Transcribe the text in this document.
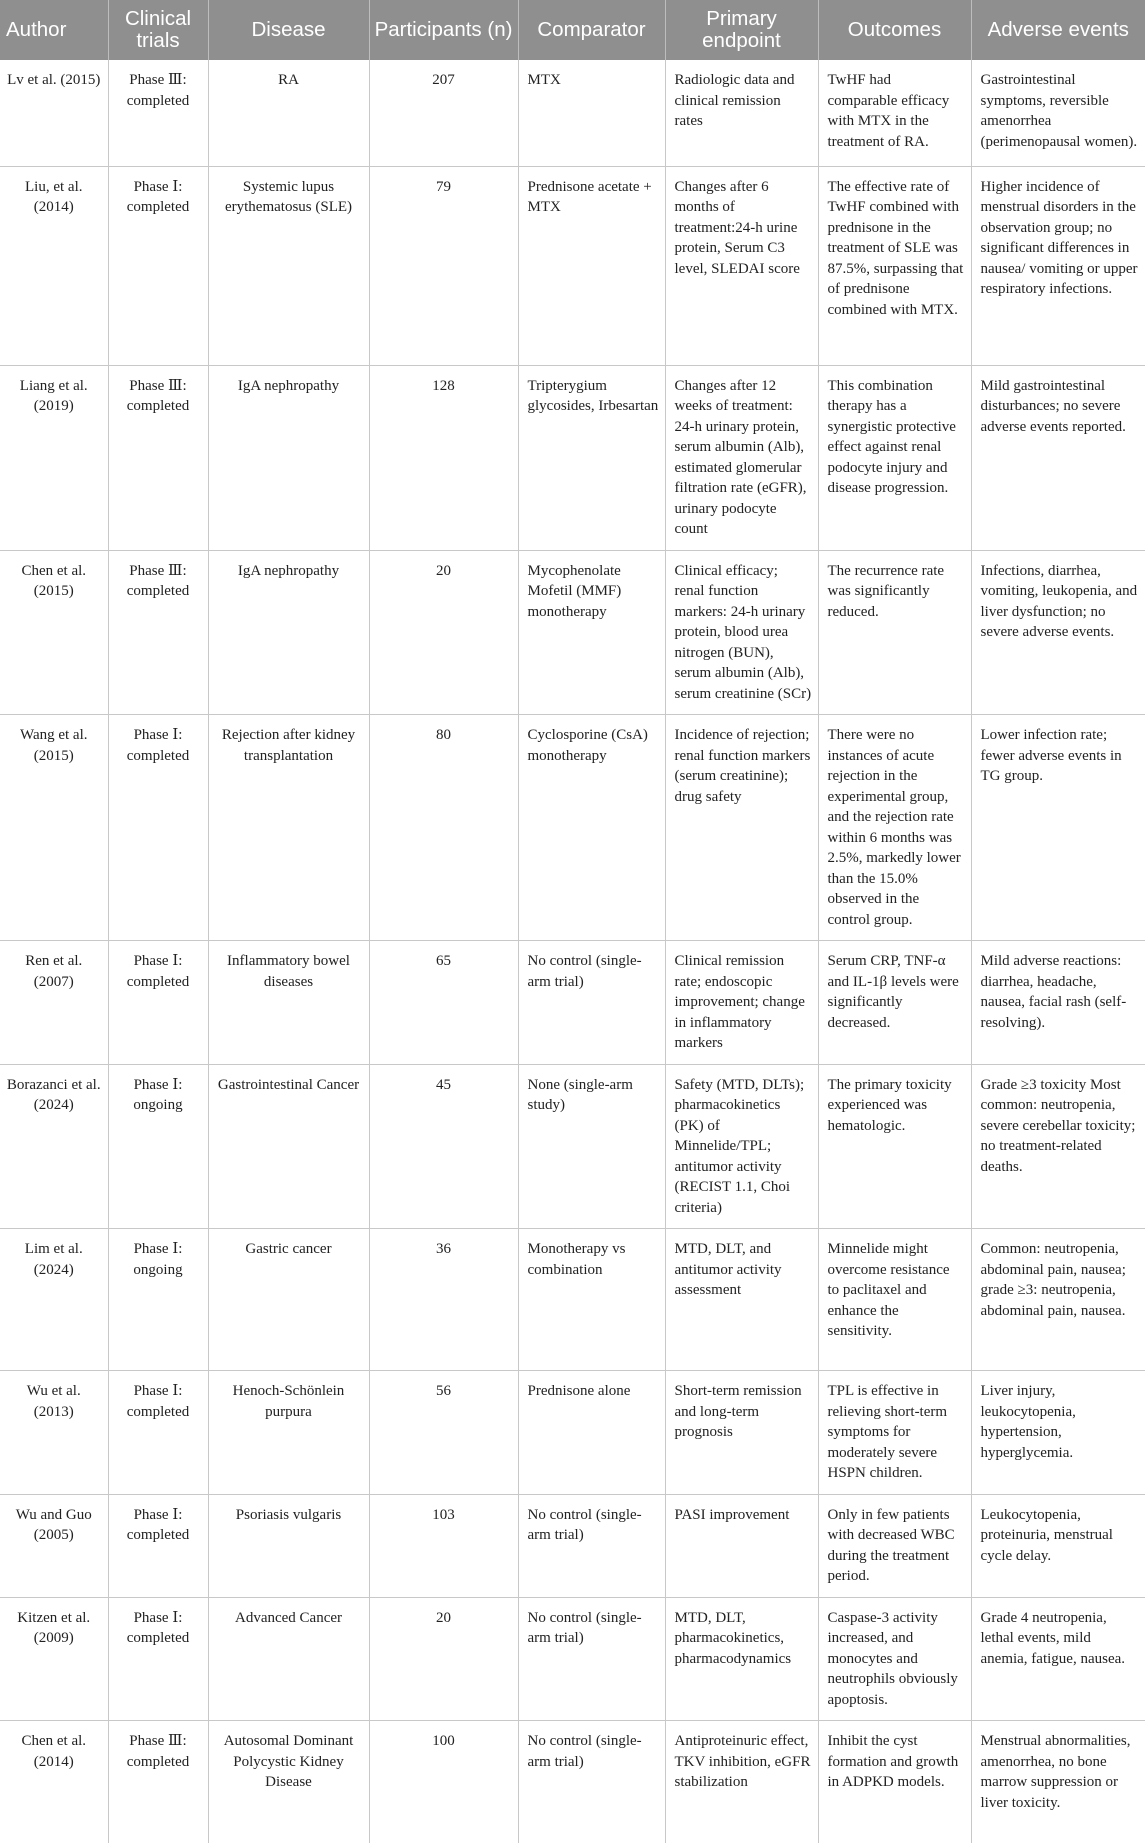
Author	Clinical trials	Disease	Participants (n)	Comparator	Primary endpoint	Outcomes	Adverse events
Lv et al. (2015)	Phase Ⅲ: completed	RA	207	MTX	Radiologic data and clinical remission rates	TwHF had comparable efficacy with MTX in the treatment of RA.	Gastrointestinal symptoms, reversible amenorrhea (perimenopausal women).
Liu, et al. (2014)	Phase Ⅰ: completed	Systemic lupus erythematosus (SLE)	79	Prednisone acetate + MTX	Changes after 6 months of treatment:24-h urine protein, Serum C3 level, SLEDAI score	The effective rate of TwHF combined with prednisone in the treatment of SLE was 87.5%, surpassing that of prednisone combined with MTX.	Higher incidence of menstrual disorders in the observation group; no significant differences in nausea/ vomiting or upper respiratory infections.
Liang et al. (2019)	Phase Ⅲ: completed	IgA nephropathy	128	Tripterygium glycosides, Irbesartan	Changes after 12 weeks of treatment: 24-h urinary protein, serum albumin (Alb), estimated glomerular filtration rate (eGFR), urinary podocyte count	This combination therapy has a synergistic protective effect against renal podocyte injury and disease progression.	Mild gastrointestinal disturbances; no severe adverse events reported.
Chen et al. (2015)	Phase Ⅲ: completed	IgA nephropathy	20	Mycophenolate Mofetil (MMF) monotherapy	Clinical efficacy; renal function markers: 24-h urinary protein, blood urea nitrogen (BUN), serum albumin (Alb), serum creatinine (SCr)	The recurrence rate was significantly reduced.	Infections, diarrhea, vomiting, leukopenia, and liver dysfunction; no severe adverse events.
Wang et al. (2015)	Phase Ⅰ: completed	Rejection after kidney transplantation	80	Cyclosporine (CsA) monotherapy	Incidence of rejection; renal function markers (serum creatinine); drug safety	There were no instances of acute rejection in the experimental group, and the rejection rate within 6 months was 2.5%, markedly lower than the 15.0% observed in the control group.	Lower infection rate; fewer adverse events in TG group.
Ren et al. (2007)	Phase Ⅰ: completed	Inflammatory bowel diseases	65	No control (single-arm trial)	Clinical remission rate; endoscopic improvement; change in inflammatory markers	Serum CRP, TNF-α and IL-1β levels were significantly decreased.	Mild adverse reactions: diarrhea, headache, nausea, facial rash (self-resolving).
Borazanci et al. (2024)	Phase Ⅰ: ongoing	Gastrointestinal Cancer	45	None (single-arm study)	Safety (MTD, DLTs); pharmacokinetics (PK) of Minnelide/TPL; antitumor activity (RECIST 1.1, Choi criteria)	The primary toxicity experienced was hematologic.	Grade ≥3 toxicity Most common: neutropenia, severe cerebellar toxicity; no treatment-related deaths.
Lim et al. (2024)	Phase Ⅰ: ongoing	Gastric cancer	36	Monotherapy vs combination	MTD, DLT, and antitumor activity assessment	Minnelide might overcome resistance to paclitaxel and enhance the sensitivity.	Common: neutropenia, abdominal pain, nausea; grade ≥3: neutropenia, abdominal pain, nausea.
Wu et al. (2013)	Phase Ⅰ: completed	Henoch-Schönlein purpura	56	Prednisone alone	Short-term remission and long-term prognosis	TPL is effective in relieving short-term symptoms for moderately severe HSPN children.	Liver injury, leukocytopenia, hypertension, hyperglycemia.
Wu and Guo (2005)	Phase Ⅰ: completed	Psoriasis vulgaris	103	No control (single-arm trial)	PASI improvement	Only in few patients with decreased WBC during the treatment period.	Leukocytopenia, proteinuria, menstrual cycle delay.
Kitzen et al. (2009)	Phase Ⅰ: completed	Advanced Cancer	20	No control (single-arm trial)	MTD, DLT, pharmacokinetics, pharmacodynamics	Caspase-3 activity increased, and monocytes and neutrophils obviously apoptosis.	Grade 4 neutropenia, lethal events, mild anemia, fatigue, nausea.
Chen et al. (2014)	Phase Ⅲ: completed	Autosomal Dominant Polycystic Kidney Disease	100	No control (single-arm trial)	Antiproteinuric effect, TKV inhibition, eGFR stabilization	Inhibit the cyst formation and growth in ADPKD models.	Menstrual abnormalities, amenorrhea, no bone marrow suppression or liver toxicity.
